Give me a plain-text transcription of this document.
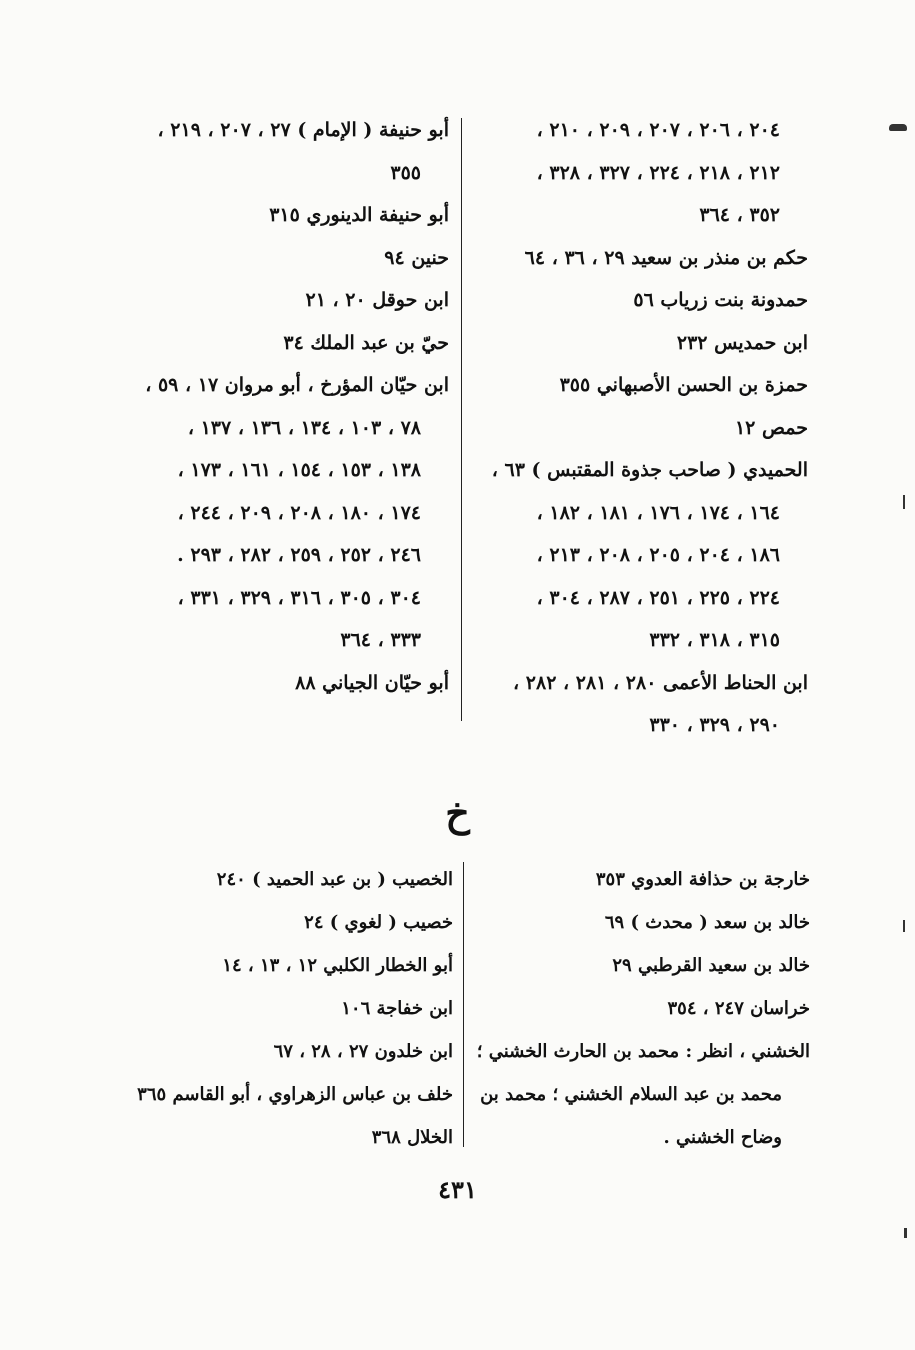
٢٠٤ ، ٢٠٦ ، ٢٠٧ ، ٢٠٩ ، ٢١٠ ،
٢١٢ ، ٢١٨ ، ٢٢٤ ، ٣٢٧ ، ٣٢٨ ،
٣٥٢ ، ٣٦٤
حكم بن منذر بن سعيد ٢٩ ، ٣٦ ، ٦٤
حمدونة بنت زرياب ٥٦
ابن حمديس ٢٣٢
حمزة بن الحسن الأصبهاني ٣٥٥
حمص ١٢
الحميدي ( صاحب جذوة المقتبس ) ٦٣ ،
١٦٤ ، ١٧٤ ، ١٧٦ ، ١٨١ ، ١٨٢ ،
١٨٦ ، ٢٠٤ ، ٢٠٥ ، ٢٠٨ ، ٢١٣ ،
٢٢٤ ، ٢٢٥ ، ٢٥١ ، ٢٨٧ ، ٣٠٤ ،
٣١٥ ، ٣١٨ ، ٣٣٢
ابن الحناط الأعمى ٢٨٠ ، ٢٨١ ، ٢٨٢ ،
٢٩٠ ، ٣٢٩ ، ٣٣٠
أبو حنيفة ( الإمام ) ٢٧ ، ٢٠٧ ، ٢١٩ ،
٣٥٥
أبو حنيفة الدينوري ٣١٥
حنين ٩٤
ابن حوقل ٢٠ ، ٢١
حيّ بن عبد الملك ٣٤
ابن حيّان المؤرخ ، أبو مروان ١٧ ، ٥٩ ،
٧٨ ، ١٠٣ ، ١٣٤ ، ١٣٦ ، ١٣٧ ،
١٣٨ ، ١٥٣ ، ١٥٤ ، ١٦١ ، ١٧٣ ،
١٧٤ ، ١٨٠ ، ٢٠٨ ، ٢٠٩ ، ٢٤٤ ،
٢٤٦ ، ٢٥٢ ، ٢٥٩ ، ٢٨٢ ، ٢٩٣ .
٣٠٤ ، ٣٠٥ ، ٣١٦ ، ٣٢٩ ، ٣٣١ ،
٣٣٣ ، ٣٦٤
أبو حيّان الجياني ٨٨
خ
خارجة بن حذافة العدوي ٣٥٣
خالد بن سعد ( محدث ) ٦٩
خالد بن سعيد القرطبي ٢٩
خراسان ٢٤٧ ، ٣٥٤
الخشني ، انظر : محمد بن الحارث الخشني ؛
محمد بن عبد السلام الخشني ؛ محمد بن
وضاح الخشني .
الخصيب ( بن عبد الحميد ) ٢٤٠
خصيب ( لغوي ) ٢٤
أبو الخطار الكلبي ١٢ ، ١٣ ، ١٤
ابن خفاجة ١٠٦
ابن خلدون ٢٧ ، ٢٨ ، ٦٧
خلف بن عباس الزهراوي ، أبو القاسم ٣٦٥
الخلال ٣٦٨
٤٣١
